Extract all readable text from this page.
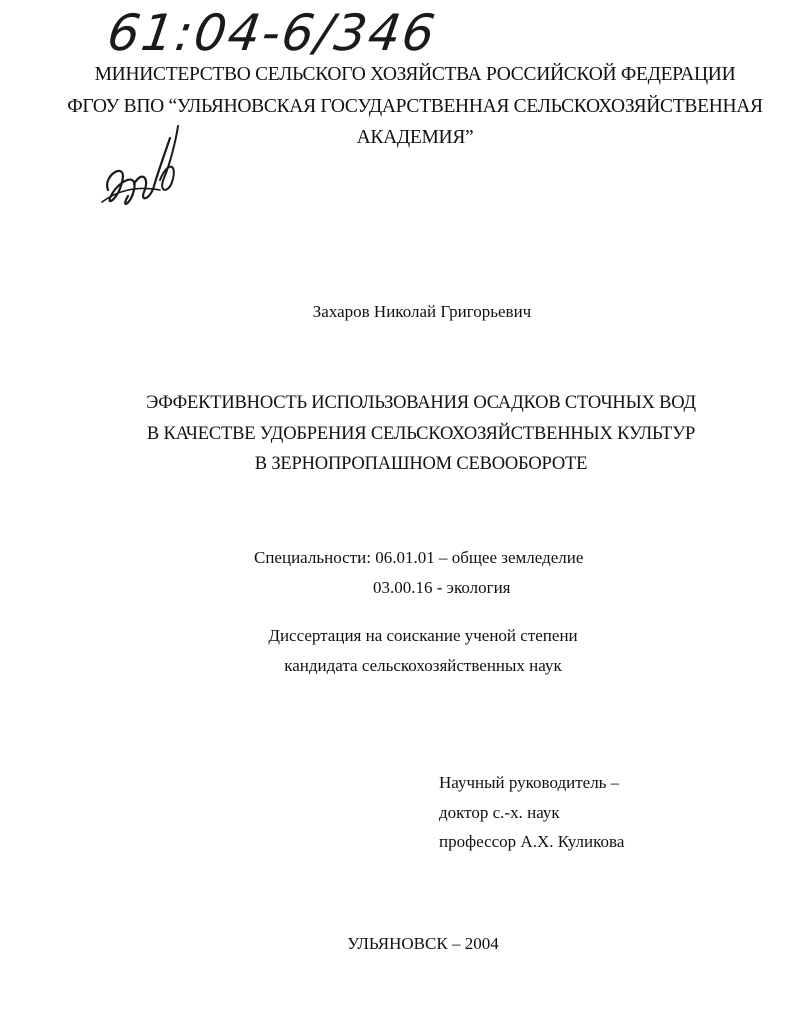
61:04-6/346
МИНИСТЕРСТВО СЕЛЬСКОГО ХОЗЯЙСТВА РОССИЙСКОЙ ФЕДЕРАЦИИ
ФГОУ ВПО “УЛЬЯНОВСКАЯ ГОСУДАРСТВЕННАЯ СЕЛЬСКОХОЗЯЙСТВЕННАЯ
АКАДЕМИЯ”
Захаров Николай Григорьевич
ЭФФЕКТИВНОСТЬ ИСПОЛЬЗОВАНИЯ ОСАДКОВ СТОЧНЫХ ВОД
В КАЧЕСТВЕ УДОБРЕНИЯ СЕЛЬСКОХОЗЯЙСТВЕННЫХ КУЛЬТУР
В ЗЕРНОПРОПАШНОМ СЕВООБОРОТЕ
Специальности: 06.01.01 – общее земледелие
03.00.16 - экология
Диссертация на соискание ученой степени
кандидата сельскохозяйственных наук
Научный руководитель –
доктор с.-х. наук
профессор А.Х. Куликова
УЛЬЯНОВСК – 2004
